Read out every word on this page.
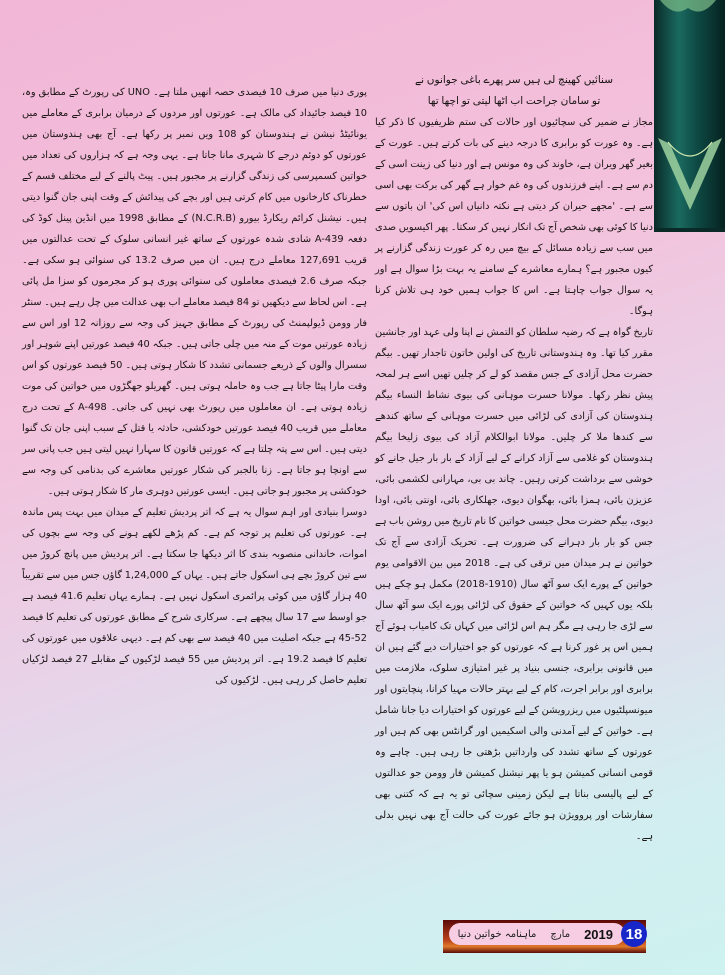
سنائیں کھینچ لی ہیں سر پھرے باغی جوانوں نے

تو سامان جراحت اب اٹھا لیتی تو اچھا تھا

مجاز نے ضمیر کی سچائیوں اور حالات کی ستم ظریفیوں کا ذکر کیا ہے۔ وہ عورت کو برابری کا درجہ دینے کی بات کرتے ہیں۔ عورت کے بغیر گھر ویران ہے، خاوند کی وہ مونس ہے اور دنیا کی زینت اسی کے دم سے ہے۔ اپنے فرزندوں کی وہ غم خوار ہے گھر کی برکت بھی اسی سے ہے۔ 'مجھے حیران کر دیتی ہے نکتہ دانیاں اس کی' ان باتوں سے دنیا کا کوئی بھی شخص آج تک انکار نہیں کر سکتا۔ پھر اکیسویں صدی میں سب سے زیادہ مسائل کے بیچ میں رہ کر عورت زندگی گزارنے پر کیوں مجبور ہے؟ ہمارے معاشرے کے سامنے یہ بہت بڑا سوال ہے اور یہ سوال جواب چاہتا ہے۔ اس کا جواب ہمیں خود ہی تلاش کرنا ہوگا۔

تاریخ گواہ ہے کہ رضیہ سلطان کو التمش نے اپنا ولی عہد اور جانشین مقرر کیا تھا۔ وہ ہندوستانی تاریخ کی اولین خاتون تاجدار تھیں۔ بیگم حضرت محل آزادی کے جس مقصد کو لے کر چلیں تھیں اسے ہر لمحہ پیش نظر رکھا۔ مولانا حسرت موہانی کی بیوی نشاط النساء بیگم ہندوستان کی آزادی کی لڑائی میں حسرت موہانی کے ساتھ کندھے سے کندھا ملا کر چلیں۔ مولانا ابوالکلام آزاد کی بیوی زلیخا بیگم ہندوستان کو غلامی سے آزاد کرانے کے لیے آزاد کے بار بار جیل جانے کو خوشی سے برداشت کرتی رہیں۔ چاند بی بی، مہارانی لکشمی بائی، عزیزن بائی، ہمزا بائی، بھگوان دیوی، جھلکاری بائی، اونتی بائی، اودا دیوی، بیگم حضرت محل جیسی خواتین کا نام تاریخ میں روشن باب ہے جس کو بار بار دہرانے کی ضرورت ہے۔ تحریک آزادی سے آج تک خواتین نے ہر میدان میں ترقی کی ہے۔ 2018 میں بین الاقوامی یوم خواتین کے پورے ایک سو آٹھ سال (1910-2018) مکمل ہو چکے ہیں بلکہ یوں کہیں کہ خواتین کے حقوق کی لڑائی پورے ایک سو آٹھ سال سے لڑی جا رہی ہے مگر ہم اس لڑائی میں کہاں تک کامیاب ہوئے آج ہمیں اس پر غور کرنا ہے کہ عورتوں کو جو اختیارات دیے گئے ہیں ان میں قانونی برابری، جنسی بنیاد پر غیر امتیازی سلوک، ملازمت میں برابری اور برابر اجرت، کام کے لیے بہتر حالات مہیا کرانا، پنچایتوں اور میونسپلٹیوں میں ریزرویشن کے لیے عورتوں کو اختیارات دیا جانا شامل ہے۔ خواتین کے لیے آمدنی والی اسکیمیں اور گرانٹس بھی کم ہیں اور عورتوں کے ساتھ تشدد کی وارداتیں بڑھتی جا رہی ہیں۔ چاہے وہ قومی انسانی کمیشن ہو یا پھر نیشنل کمیشن فار وومن جو عدالتوں کے لیے پالیسی بناتا ہے لیکن زمینی سچائی تو یہ ہے کہ کتنی بھی سفارشات اور پروویژن ہو جائے عورت کی حالت آج بھی نہیں بدلی ہے۔

پوری دنیا میں صرف 10 فیصدی حصہ انھیں ملتا ہے۔ UNO کی رپورٹ کے مطابق وہ، 10 فیصد جائیداد کی مالک ہے۔ عورتوں اور مردوں کے درمیان برابری کے معاملے میں یونائیٹڈ نیشن نے ہندوستان کو 108 ویں نمبر پر رکھا ہے۔ آج بھی ہندوستان میں عورتوں کو دوئم درجے کا شہری مانا جاتا ہے۔ یہی وجہ ہے کہ ہزاروں کی تعداد میں خواتین کسمپرسی کی زندگی گزارنے پر مجبور ہیں۔ پیٹ پالنے کے لیے مختلف قسم کے خطرناک کارخانوں میں کام کرتی ہیں اور بچے کی پیدائش کے وقت اپنی جان گنوا دیتی ہیں۔ نیشنل کرائم ریکارڈ بیورو (N.C.R.B) کے مطابق 1998 میں انڈین پینل کوڈ کی دفعہ A-439 شادی شدہ عورتوں کے ساتھ غیر انسانی سلوک کے تحت عدالتوں میں قریب 127,691 معاملے درج ہیں۔ ان میں صرف 13.2 کی سنوائی ہو سکی ہے۔ جبکہ صرف 2.6 فیصدی معاملوں کی سنوائی پوری ہو کر مجرموں کو سزا مل پائی ہے۔ اس لحاظ سے دیکھیں تو 84 فیصد معاملے اب بھی عدالت میں چل رہے ہیں۔ سنٹر فار وومن ڈیولپمنٹ کی رپورٹ کے مطابق جہیز کی وجہ سے روزانہ 12 اور اس سے زیادہ عورتیں موت کے منہ میں چلی جاتی ہیں۔ جبکہ 40 فیصد عورتیں اپنے شوہر اور سسرال والوں کے ذریعے جسمانی تشدد کا شکار ہوتی ہیں۔ 50 فیصد عورتوں کو اس وقت مارا پیٹا جاتا ہے جب وہ حاملہ ہوتی ہیں۔ گھریلو جھگڑوں میں خواتین کی موت زیادہ ہوتی ہے۔ ان معاملوں میں رپورٹ بھی نہیں کی جاتی۔ A-498 کے تحت درج معاملے میں قریب 40 فیصد عورتیں خودکشی، حادثہ یا قتل کے سبب اپنی جان تک گنوا دیتی ہیں۔ اس سے پتہ چلتا ہے کہ عورتیں قانون کا سہارا نہیں لیتی ہیں جب پانی سر سے اونچا ہو جاتا ہے۔ زنا بالجبر کی شکار عورتیں معاشرے کی بدنامی کی وجہ سے خودکشی پر مجبور ہو جاتی ہیں۔ ایسی عورتیں دوہری مار کا شکار ہوتی ہیں۔

دوسرا بنیادی اور اہم سوال یہ ہے کہ اتر پردیش تعلیم کے میدان میں بہت پس ماندہ ہے۔ عورتوں کی تعلیم پر توجہ کم ہے۔ کم پڑھے لکھے ہونے کی وجہ سے بچوں کی اموات، خاندانی منصوبہ بندی کا اثر دیکھا جا سکتا ہے۔ اتر پردیش میں پانچ کروڑ میں سے تین کروڑ بچے ہی اسکول جاتے ہیں۔ یہاں کے 1,24,000 گاؤں جس میں سے تقریباً 40 ہزار گاؤں میں کوئی پرائمری اسکول نہیں ہے۔ ہمارے یہاں تعلیم 41.6 فیصد ہے جو اوسط سے 17 سال پیچھے ہے۔ سرکاری شرح کے مطابق عورتوں کی تعلیم کا فیصد 52-45 ہے جبکہ اصلیت میں 40 فیصد سے بھی کم ہے۔ دیہی علاقوں میں عورتوں کی تعلیم کا فیصد 19.2 ہے۔ اتر پردیش میں 55 فیصد لڑکیوں کے مقابلے 27 فیصد لڑکیاں تعلیم حاصل کر رہی ہیں۔ لڑکیوں کی

ماہنامہ خواتین دنیا مارچ 2019 18
